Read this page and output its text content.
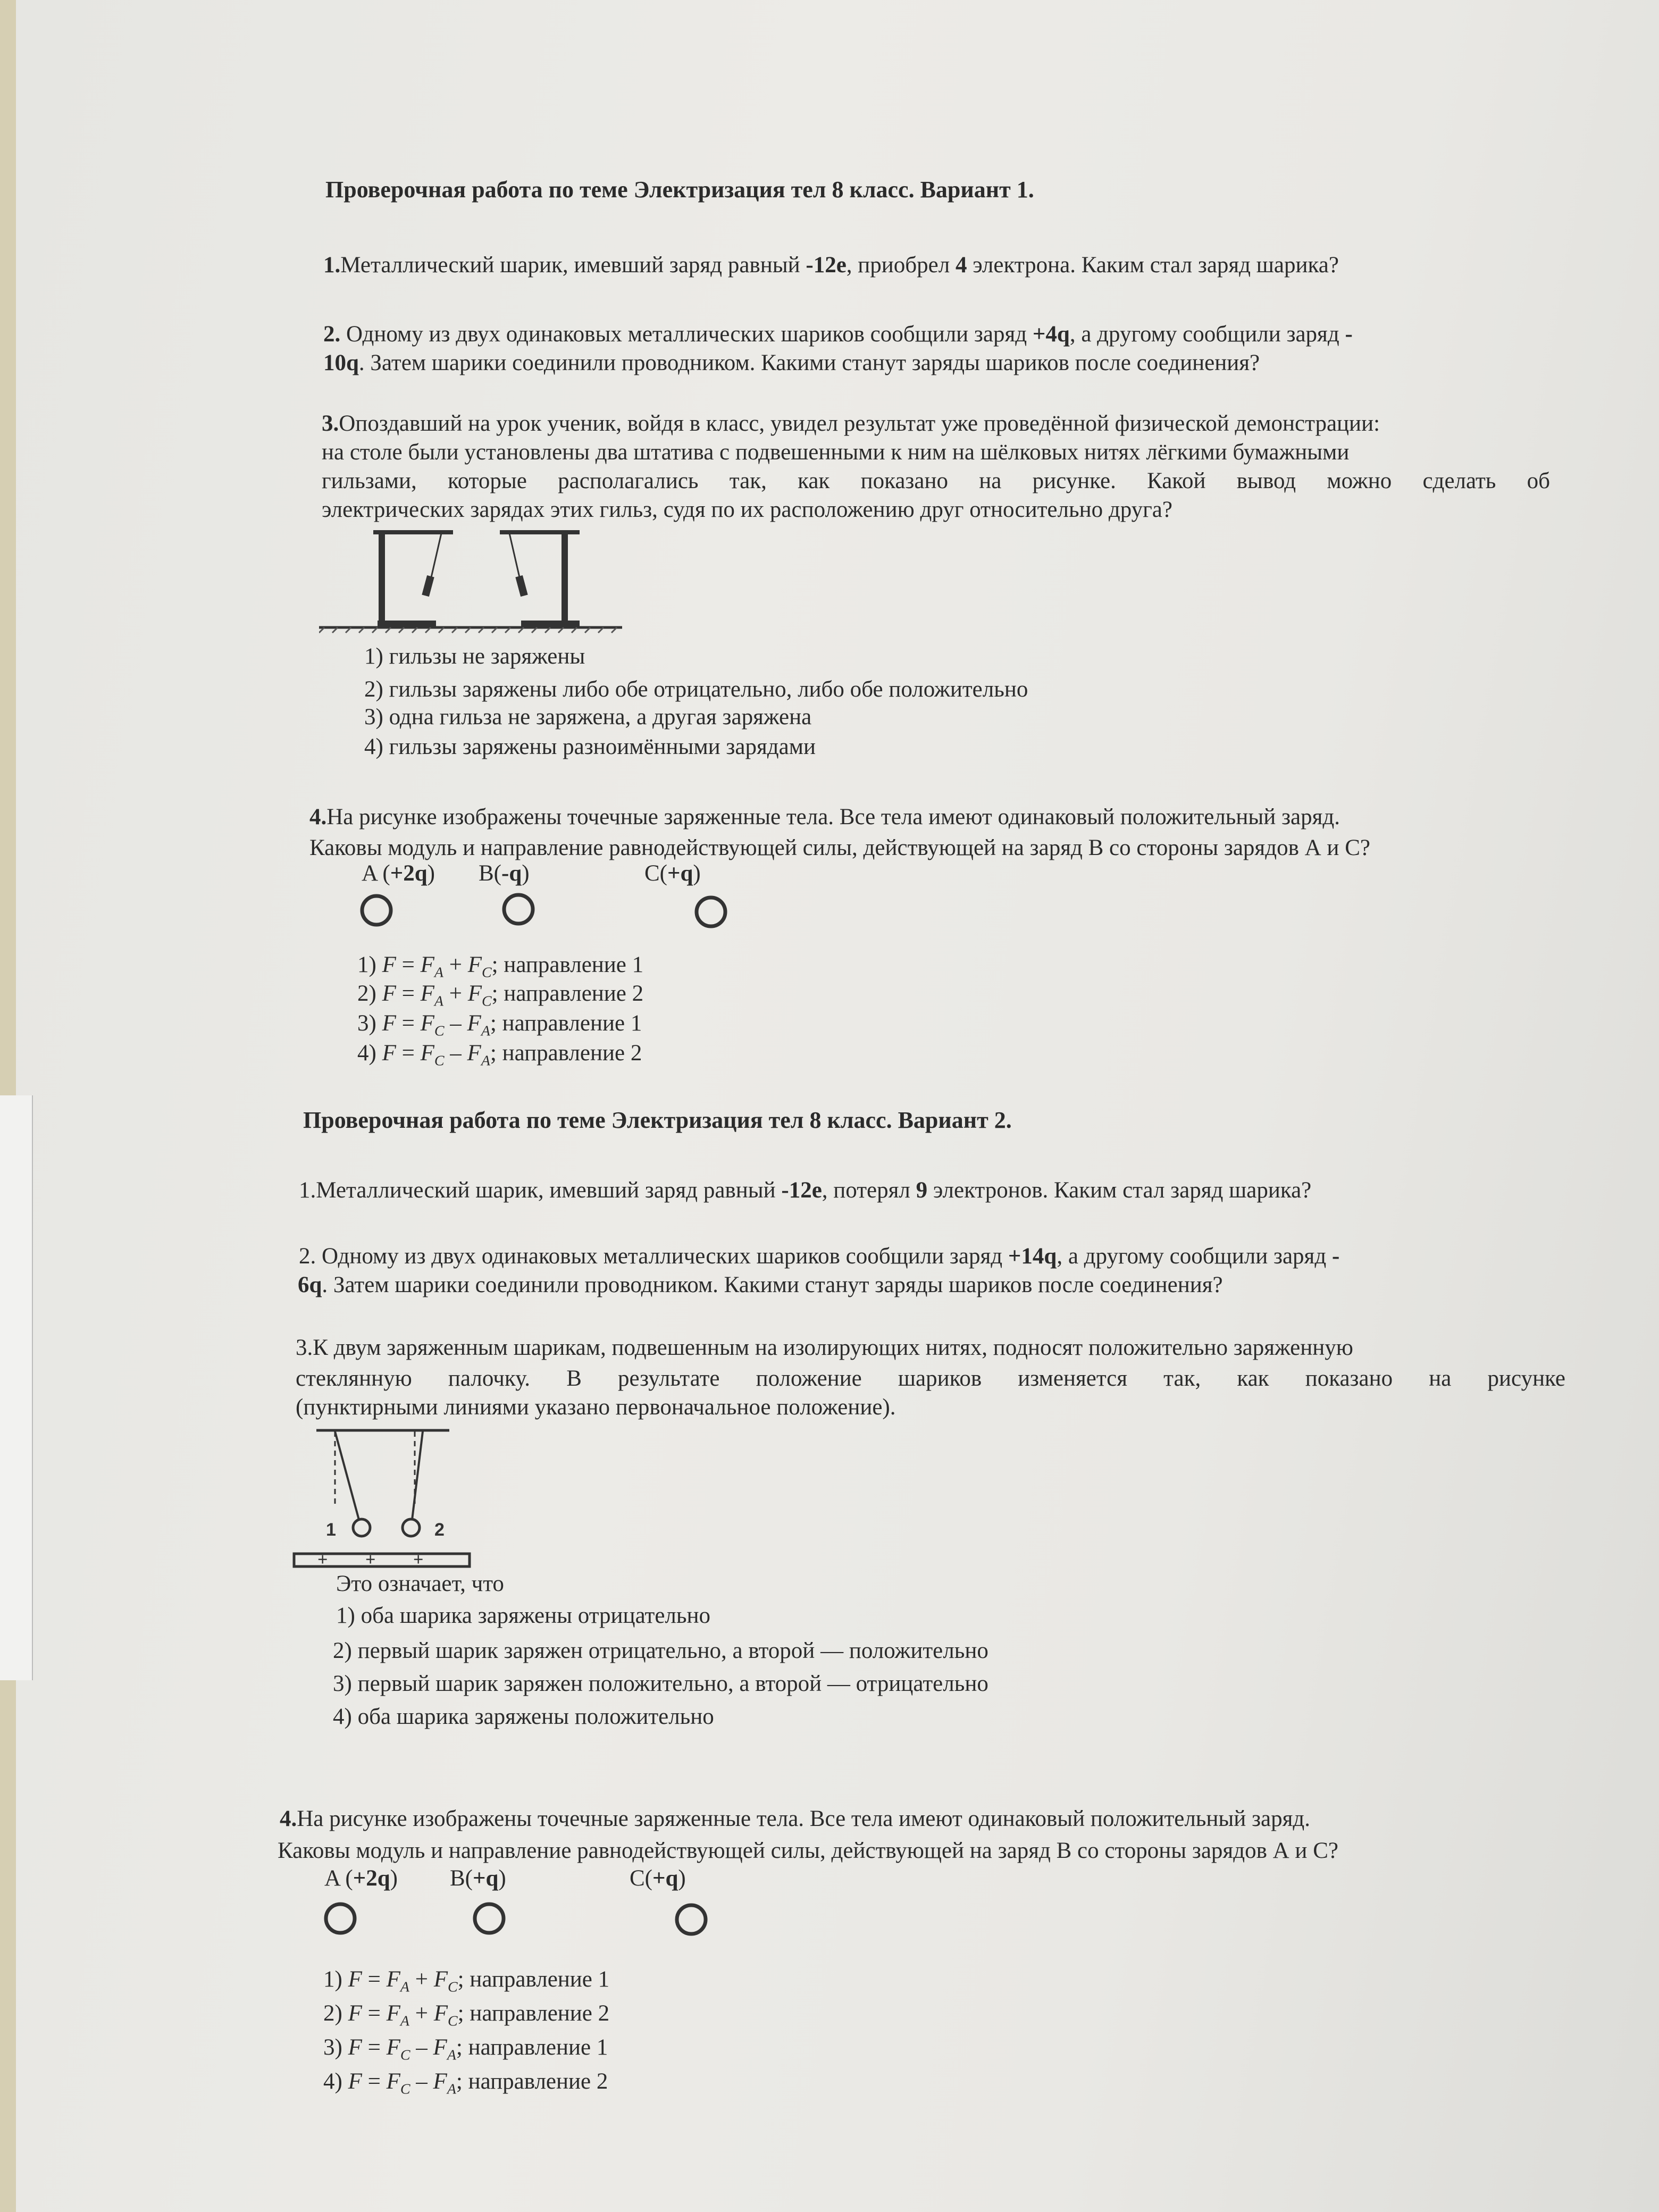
Проверочная работа по теме Электризация тел 8 класс. Вариант 1.
1.Металлический шарик, имевший заряд равный -12е, приобрел 4 электрона. Каким стал заряд шарика?
2. Одному из двух одинаковых металлических шариков сообщили заряд +4q, а другому сообщили заряд -
10q. Затем шарики соединили проводником. Какими станут заряды шариков после соединения?
3.Опоздавший на урок ученик, войдя в класс, увидел результат уже проведённой физической демонстрации:
на столе были установлены два штатива с подвешенными к ним на шёлковых нитях лёгкими бумажными
гильзами, которые располагались так, как показано на рисунке. Какой вывод можно сделать об
электрических зарядах этих гильз, судя по их расположению друг относительно друга?
1) гильзы не заряжены
2) гильзы заряжены либо обе отрицательно, либо обе положительно
3) одна гильза не заряжена, а другая заряжена
4) гильзы заряжены разноимёнными зарядами
4.На рисунке изображены точечные заряженные тела. Все тела имеют одинаковый положительный заряд.
Каковы модуль и направление равнодействующей силы, действующей на заряд B со стороны зарядов А и С?
A (+2q) B(-q)	C(+q)
1) $F = F_A + F_C$; направление 1
2) $F = F_A + F_C$; направление 2
3) $F = F_C - F_A$; направление 1
4) $F = F_C - F_A$; направление 2
Проверочная работа по теме Электризация тел 8 класс. Вариант 2.
1.Металлический шарик, имевший заряд равный -12е, потерял 9 электронов. Каким стал заряд шарика?
2. Одному из двух одинаковых металлических шариков сообщили заряд +14q, а другому сообщили заряд -
6q. Затем шарики соединили проводником. Какими станут заряды шариков после соединения?
3.К двум заряженным шарикам, подвешенным на изолирующих нитях, подносят положительно заряженную
стеклянную палочку. В результате положение шариков изменяется так, как показано на рисунке
(пунктирными линиями указано первоначальное положение).
1	2
+ + +
Это означает, что
1) оба шарика заряжены отрицательно
2) первый шарик заряжен отрицательно, а второй — положительно
3) первый шарик заряжен положительно, а второй — отрицательно
4) оба шарика заряжены положительно
4.На рисунке изображены точечные заряженные тела. Все тела имеют одинаковый положительный заряд.
Каковы модуль и направление равнодействующей силы, действующей на заряд B со стороны зарядов А и С?
A (+2q) B(+q)	C(+q)
1) $F = F_A + F_C$; направление 1
2) $F = F_A + F_C$; направление 2
3) $F = F_C - F_A$; направление 1
4) $F = F_C - F_A$; направление 2
